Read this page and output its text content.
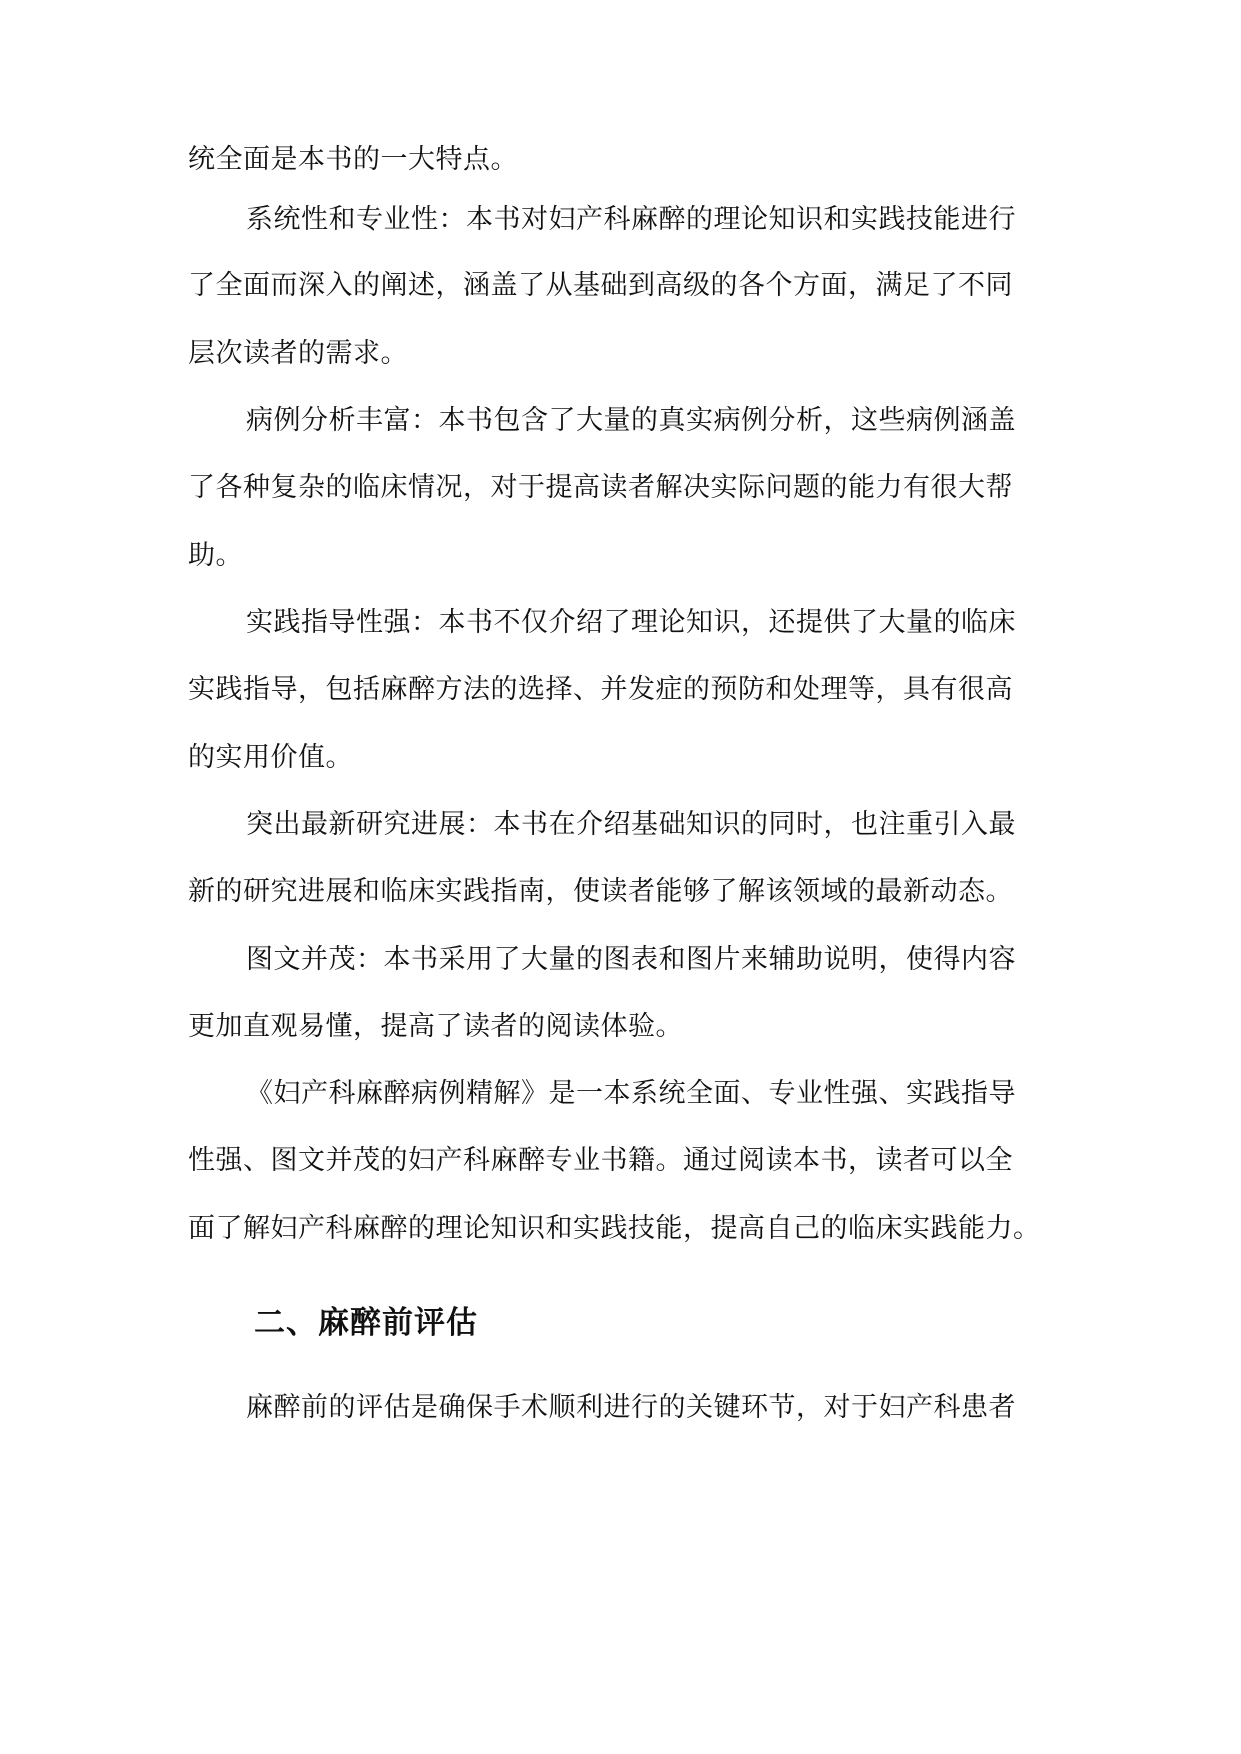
统全面是本书的一大特点。
系统性和专业性：本书对妇产科麻醉的理论知识和实践技能进行
了全面而深入的阐述，涵盖了从基础到高级的各个方面，满足了不同
层次读者的需求。
病例分析丰富：本书包含了大量的真实病例分析，这些病例涵盖
了各种复杂的临床情况，对于提高读者解决实际问题的能力有很大帮
助。
实践指导性强：本书不仅介绍了理论知识，还提供了大量的临床
实践指导，包括麻醉方法的选择、并发症的预防和处理等，具有很高
的实用价值。
突出最新研究进展：本书在介绍基础知识的同时，也注重引入最
新的研究进展和临床实践指南，使读者能够了解该领域的最新动态。
图文并茂：本书采用了大量的图表和图片来辅助说明，使得内容
更加直观易懂，提高了读者的阅读体验。
《妇产科麻醉病例精解》是一本系统全面、专业性强、实践指导
性强、图文并茂的妇产科麻醉专业书籍。通过阅读本书，读者可以全
面了解妇产科麻醉的理论知识和实践技能，提高自己的临床实践能力。
二、麻醉前评估
麻醉前的评估是确保手术顺利进行的关键环节，对于妇产科患者
